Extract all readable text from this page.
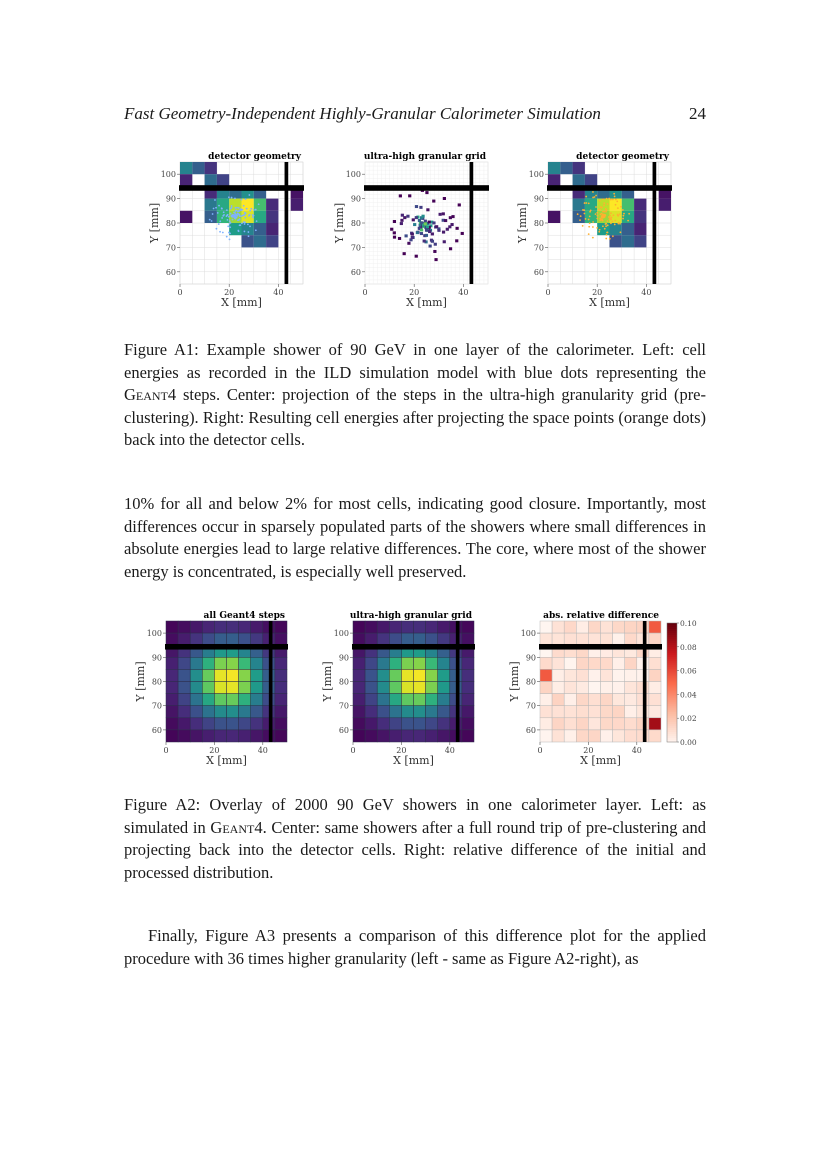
Fast Geometry-Independent Highly-Granular Calorimeter Simulation	24
detector geometry
60
70
80
90
100
0	20	40
X [mm]
Y [mm]
ultra-high granular grid
60
70
80
90
100
0	20	40
X [mm]
Y [mm]
detector geometry
60
70
80
90
100
0	20	40
X [mm]
Y [mm]

Figure A1: Example shower of 90 GeV in one layer of the calorimeter. Left: cell energies as recorded in the ILD simulation model with blue dots representing the Geant4 steps. Center: projection of the steps in the ultra-high granularity grid (pre-clustering). Right: Resulting cell energies after projecting the space points (orange dots) back into the detector cells.

10% for all and below 2% for most cells, indicating good closure. Importantly, most differences occur in sparsely populated parts of the showers where small differences in absolute energies lead to large relative differences. The core, where most of the shower energy is concentrated, is especially well preserved.

all Geant4 steps
60
70
80
90
100
0	20	40
X [mm]
Y [mm]
ultra-high granular grid
60
70
80
90
100
0	20	40
X [mm]
Y [mm]
abs. relative difference
60
70
80
90
100
0	20	40
X [mm]
Y [mm]
0.10
0.08
0.06
0.04
0.02
0.00

Figure A2: Overlay of 2000 90 GeV showers in one calorimeter layer. Left: as simulated in Geant4. Center: same showers after a full round trip of pre-clustering and projecting back into the detector cells. Right: relative difference of the initial and processed distribution.

Finally, Figure A3 presents a comparison of this difference plot for the applied procedure with 36 times higher granularity (left - same as Figure A2-right), as
